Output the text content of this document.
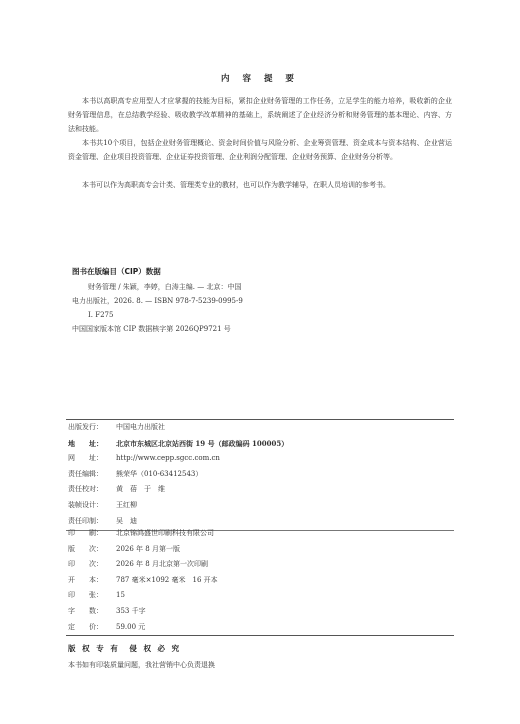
内 容 提 要
本书以高职高专应用型人才应掌握的技能为目标，紧扣企业财务管理的工作任务，立足学生的能力培养，吸收新的企业财务管理信息，在总结教学经验、吸收教学改革精神的基础上，系统阐述了企业经济分析和财务管理的基本理论、内容、方法和技能。
本书共10个项目，包括企业财务管理概论、资金时间价值与风险分析、企业筹资管理、资金成本与资本结构、企业营运资金管理、企业项目投资管理、企业证券投资管理、企业利润分配管理、企业财务预算、企业财务分析等。
本书可以作为高职高专会计类、管理类专业的教材，也可以作为教学辅导，在职人员培训的参考书。
图书在版编目（CIP）数据
财务管理 / 朱颖，李婷，白涛主编. — 北京：中国
电力出版社，2026. 8. — ISBN 978-7-5239-0995-9
Ⅰ. F275
中国国家版本馆 CIP 数据核字第 2026QP9721 号
出版发行：	中国电力出版社
地　　址：	北京市东城区北京站西街 19 号（邮政编码 100005）
网　　址：	http://www.cepp.sgcc.com.cn
责任编辑：	熊荣华（010-63412543）
责任校对：	黄　蓓　于　维
装帧设计：	王红柳
责任印制：	吴　迪
印　　刷：	北京锦鸿盛世印刷科技有限公司
版　　次：	2026 年 8 月第一版
印　　次：	2026 年 8 月北京第一次印刷
开　　本：	787 毫米×1092 毫米　16 开本
印　　张：	15
字　　数：	353 千字
定　　价：	59.00 元
版 权 专 有　侵 权 必 究
本书如有印装质量问题，我社营销中心负责退换
